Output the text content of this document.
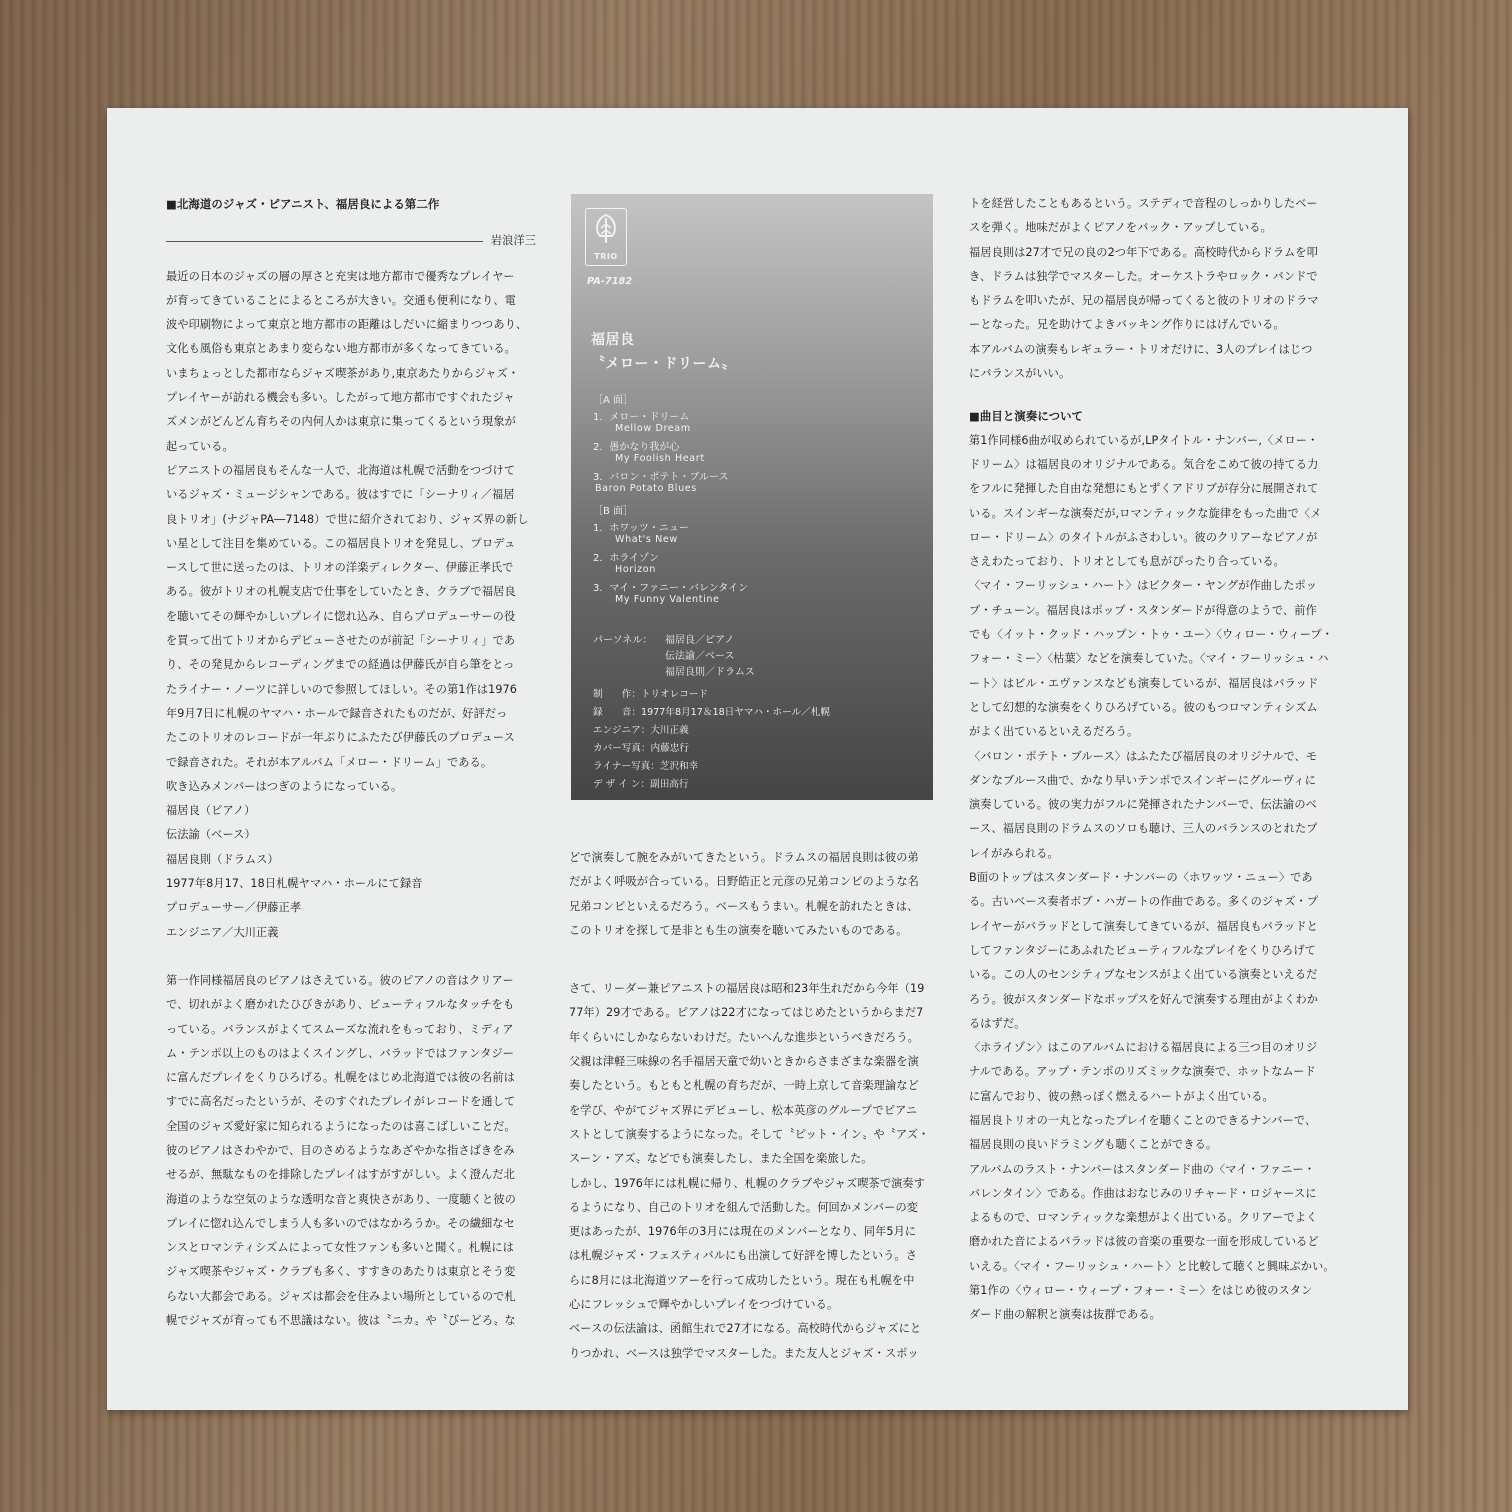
■北海道のジャズ・ピアニスト、福居良による第二作

岩浪洋三

最近の日本のジャズの層の厚さと充実は地方都市で優秀なプレイヤー

が育ってきていることによるところが大きい。交通も便利になり、電

波や印刷物によって東京と地方都市の距離はしだいに縮まりつつあり、

文化も風俗も東京とあまり変らない地方都市が多くなってきている。

いまちょっとした都市ならジャズ喫茶があり,東京あたりからジャズ・

プレイヤーが訪れる機会も多い。したがって地方都市ですぐれたジャ

ズメンがどんどん育ちその内何人かは東京に集ってくるという現象が

起っている。

ピアニストの福居良もそんな一人で、北海道は札幌で活動をつづけて

いるジャズ・ミュージシャンである。彼はすでに「シーナリィ／福居

良トリオ」(ナジャPA―7148）で世に紹介されており、ジャズ界の新し

い星として注目を集めている。この福居良トリオを発見し、プロデュ

ースして世に送ったのは、トリオの洋楽ディレクター、伊藤正孝氏で

ある。彼がトリオの札幌支店で仕事をしていたとき、クラブで福居良

を聴いてその輝やかしいプレイに惚れ込み、自らプロデューサーの役

を買って出てトリオからデビューさせたのが前記「シーナリィ」であ

り、その発見からレコーディングまでの経過は伊藤氏が自ら筆をとっ

たライナー・ノーツに詳しいので参照してほしい。その第1作は1976

年9月7日に札幌のヤマハ・ホールで録音されたものだが、好評だっ

たこのトリオのレコードが一年ぶりにふたたび伊藤氏のプロデュース

で録音された。それが本アルバム「メロー・ドリーム」である。

吹き込みメンバーはつぎのようになっている。

福居良（ピアノ）

伝法諭（ベース）

福居良則（ドラムス）

1977年8月17、18日札幌ヤマハ・ホールにて録音

プロデューサー／伊藤正孝

エンジニア／大川正義

第一作同様福居良のピアノはさえている。彼のピアノの音はクリアー

で、切れがよく磨かれたひびきがあり、ビューティフルなタッチをも

っている。バランスがよくてスムーズな流れをもっており、ミディア

ム・テンポ以上のものはよくスイングし、バラッドではファンタジー

に富んだプレイをくりひろげる。札幌をはじめ北海道では彼の名前は

すでに高名だったというが、そのすぐれたプレイがレコードを通して

全国のジャズ愛好家に知られるようになったのは喜こばしいことだ。

彼のピアノはさわやかで、目のさめるようなあざやかな指さばきをみ

せるが、無駄なものを排除したプレイはすがすがしい。よく澄んだ北

海道のような空気のような透明な音と爽快さがあり、一度聴くと彼の

プレイに惚れ込んでしまう人も多いのではなかろうか。その繊細なセ

ンスとロマンティシズムによって女性ファンも多いと聞く。札幌には

ジャズ喫茶やジャズ・クラブも多く、すすきのあたりは東京とそう変

らない大都会である。ジャズは都会を住みよい場所としているので札

幌でジャズが育っても不思議はない。彼は〝ニカ〟や〝びーどろ〟な

TRIO
PA-7182
福居良
〝メロー・ドリーム〟
［A 面］
1．メロー・ドリーム
Mellow Dream
2．愚かなり我が心
My Foolish Heart
3．バロン・ポテト・ブルース
Baron Potato Blues
［B 面］
1．ホワッツ・ニュー
What's New
2．ホライゾン
Horizon
3．マイ・ファニー・バレンタイン
My Funny Valentine
パーソネル： 福居良／ピアノ
伝法諭／ベース
福居良則／ドラムス
制　　作：トリオレコード
録　　音：1977年8月17＆18日ヤマハ・ホール／札幌
エンジニア：大川正義
カバー写真：内藤忠行
ライナー写真：芝沢和幸
デ ザ イ ン：副田高行

どで演奏して腕をみがいてきたという。ドラムスの福居良則は彼の弟

だがよく呼吸が合っている。日野皓正と元彦の兄弟コンビのような名

兄弟コンビといえるだろう。ベースもうまい。札幌を訪れたときは、

このトリオを探して是非とも生の演奏を聴いてみたいものである。

さて、リーダー兼ピアニストの福居良は昭和23年生れだから今年（19

77年）29才である。ピアノは22才になってはじめたというからまだ7

年くらいにしかならないわけだ。たいへんな進歩というべきだろう。

父親は津軽三味線の名手福居天童で幼いときからさまざまな楽器を演

奏したという。もともと札幌の育ちだが、一時上京して音楽理論など

を学び、やがてジャズ界にデビューし、松本英彦のグループでピアニ

ストとして演奏するようになった。そして〝ピット・イン〟や〝アズ・

スーン・アズ〟などでも演奏したし、また全国を楽旅した。

しかし、1976年には札幌に帰り、札幌のクラブやジャズ喫茶で演奏す

るようになり、自己のトリオを組んで活動した。何回かメンバーの変

更はあったが、1976年の3月には現在のメンバーとなり、同年5月に

は札幌ジャズ・フェスティバルにも出演して好評を博したという。さ

らに8月には北海道ツアーを行って成功したという。現在も札幌を中

心にフレッシュで輝やかしいプレイをつづけている。

ベースの伝法諭は、函館生れで27才になる。高校時代からジャズにと

りつかれ、ベースは独学でマスターした。また友人とジャズ・スポッ

トを経営したこともあるという。ステディで音程のしっかりしたベー

スを弾く。地味だがよくピアノをバック・アップしている。

福居良則は27才で兄の良の2つ年下である。高校時代からドラムを叩

き、ドラムは独学でマスターした。オーケストラやロック・バンドで

もドラムを叩いたが、兄の福居良が帰ってくると彼のトリオのドラマ

ーとなった。兄を助けてよきバッキング作りにはげんでいる。

本アルバムの演奏もレギュラー・トリオだけに、3人のプレイはじつ

にバランスがいい。

■曲目と演奏について

第1作同様6曲が収められているが,LPタイトル・ナンバー,〈メロー・

ドリーム〉は福居良のオリジナルである。気合をこめて彼の持てる力

をフルに発揮した自由な発想にもとずくアドリブが存分に展開されて

いる。スインギーな演奏だが,ロマンティックな旋律をもった曲で〈メ

ロー・ドリーム〉のタイトルがふさわしい。彼のクリアーなピアノが

さえわたっており、トリオとしても息がぴったり合っている。

〈マイ・フーリッシュ・ハート〉はビクター・ヤングが作曲したポッ

プ・チューン。福居良はポップ・スタンダードが得意のようで、前作

でも〈イット・クッド・ハップン・トゥ・ユー〉〈ウィロー・ウィープ・

フォー・ミー〉〈枯葉〉などを演奏していた。〈マイ・フーリッシュ・ハ

ート〉はビル・エヴァンスなども演奏しているが、福居良はバラッド

として幻想的な演奏をくりひろげている。彼のもつロマンティシズム

がよく出ているといえるだろう。

〈バロン・ポテト・ブルース〉はふたたび福居良のオリジナルで、モ

ダンなブルース曲で、かなり早いテンポでスインギーにグルーヴィに

演奏している。彼の実力がフルに発揮されたナンバーで、伝法諭のベ

ース、福居良則のドラムスのソロも聴け、三人のバランスのとれたプ

レイがみられる。

B面のトップはスタンダード・ナンバーの〈ホワッツ・ニュー〉であ

る。古いベース奏者ボブ・ハガートの作曲である。多くのジャズ・プ

レイヤーがバラッドとして演奏してきているが、福居良もバラッドと

してファンタジーにあふれたビューティフルなプレイをくりひろげて

いる。この人のセンシティブなセンスがよく出ている演奏といえるだ

ろう。彼がスタンダードなポップスを好んで演奏する理由がよくわか

るはずだ。

〈ホライゾン〉はこのアルバムにおける福居良による三つ目のオリジ

ナルである。アップ・テンポのリズミックな演奏で、ホットなムード

に富んでおり、彼の熱っぽく燃えるハートがよく出ている。

福居良トリオの一丸となったプレイを聴くことのできるナンバーで、

福居良則の良いドラミングも聴くことができる。

アルバムのラスト・ナンバーはスタンダード曲の〈マイ・ファニー・

バレンタイン〉である。作曲はおなじみのリチャード・ロジャースに

よるもので、ロマンティックな楽想がよく出ている。クリアーでよく

磨かれた音によるバラッドは彼の音楽の重要な一面を形成しているど

いえる。〈マイ・フーリッシュ・ハート〉と比較して聴くと興味ぶかい。

第1作の〈ウィロー・ウィープ・フォー・ミー〉をはじめ彼のスタン

ダード曲の解釈と演奏は抜群である。
